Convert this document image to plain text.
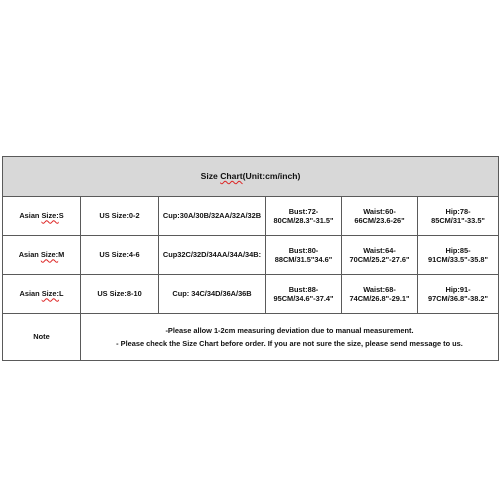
Size Chart(Unit:cm/inch)					
Asian Size:S	US Size:0-2	Cup:30A/30B/32AA/32A/32B	Bust:72-80CM/28.3"-31.5"	Waist:60-66CM/23.6-26"	Hip:78-85CM/31"-33.5"
Asian Size:M	US Size:4-6	Cup32C/32D/34AA/34A/34B:	Bust:80-88CM/31.5"34.6"	Waist:64-70CM/25.2"-27.6"	Hip:85-91CM/33.5"-35.8"
Asian Size:L	US Size:8-10	Cup: 34C/34D/36A/36B	Bust:88-95CM/34.6"-37.4"	Waist:68-74CM/26.8"-29.1"	Hip:91-97CM/36.8"-38.2"
Note	-Please allow 1-2cm measuring deviation due to manual measurement.
- Please check the Size Chart before order. If you are not sure the size, please send message to us.				
